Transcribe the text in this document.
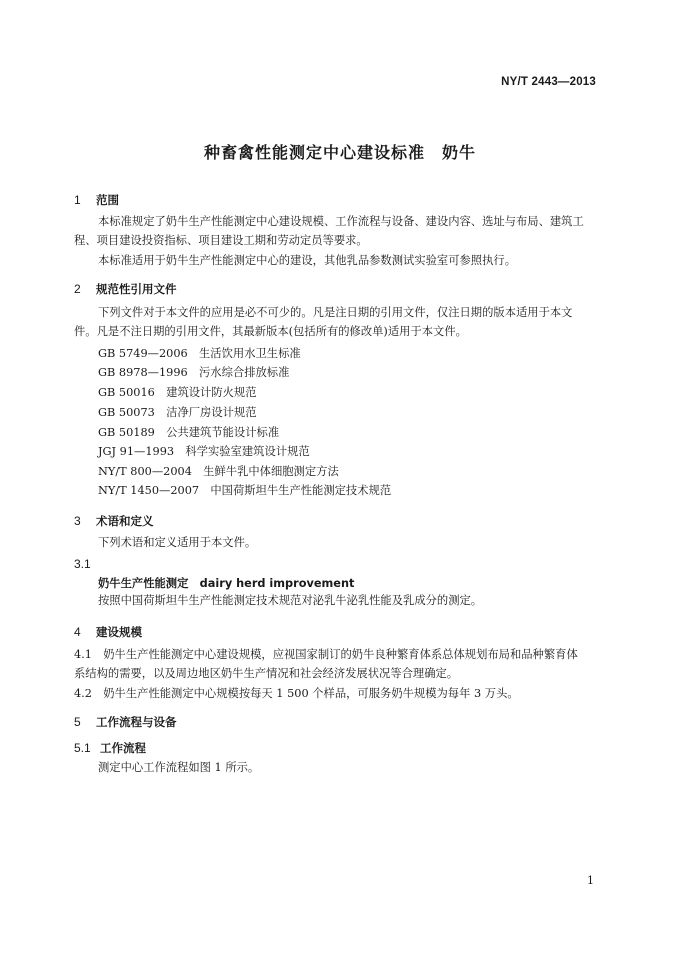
NY/T 2443—2013
种畜禽性能测定中心建设标准　奶牛
1 范围
本标准规定了奶牛生产性能测定中心建设规模、工作流程与设备、建设内容、选址与布局、建筑工
程、项目建设投资指标、项目建设工期和劳动定员等要求。
本标准适用于奶牛生产性能测定中心的建设，其他乳品参数测试实验室可参照执行。
2 规范性引用文件
下列文件对于本文件的应用是必不可少的。凡是注日期的引用文件，仅注日期的版本适用于本文
件。凡是不注日期的引用文件，其最新版本(包括所有的修改单)适用于本文件。
GB 5749—2006　生活饮用水卫生标准
GB 8978—1996　污水综合排放标准
GB 50016　建筑设计防火规范
GB 50073　洁净厂房设计规范
GB 50189　公共建筑节能设计标准
JGJ 91—1993　科学实验室建筑设计规范
NY/T 800—2004　生鲜牛乳中体细胞测定方法
NY/T 1450—2007　中国荷斯坦牛生产性能测定技术规范
3 术语和定义
下列术语和定义适用于本文件。
3.1
奶牛生产性能测定　dairy herd improvement
按照中国荷斯坦牛生产性能测定技术规范对泌乳牛泌乳性能及乳成分的测定。
4 建设规模
4.1　奶牛生产性能测定中心建设规模，应视国家制订的奶牛良种繁育体系总体规划布局和品种繁育体
系结构的需要，以及周边地区奶牛生产情况和社会经济发展状况等合理确定。
4.2　奶牛生产性能测定中心规模按每天 1 500 个样品，可服务奶牛规模为每年 3 万头。
5 工作流程与设备
5.1 工作流程
测定中心工作流程如图 1 所示。
1
